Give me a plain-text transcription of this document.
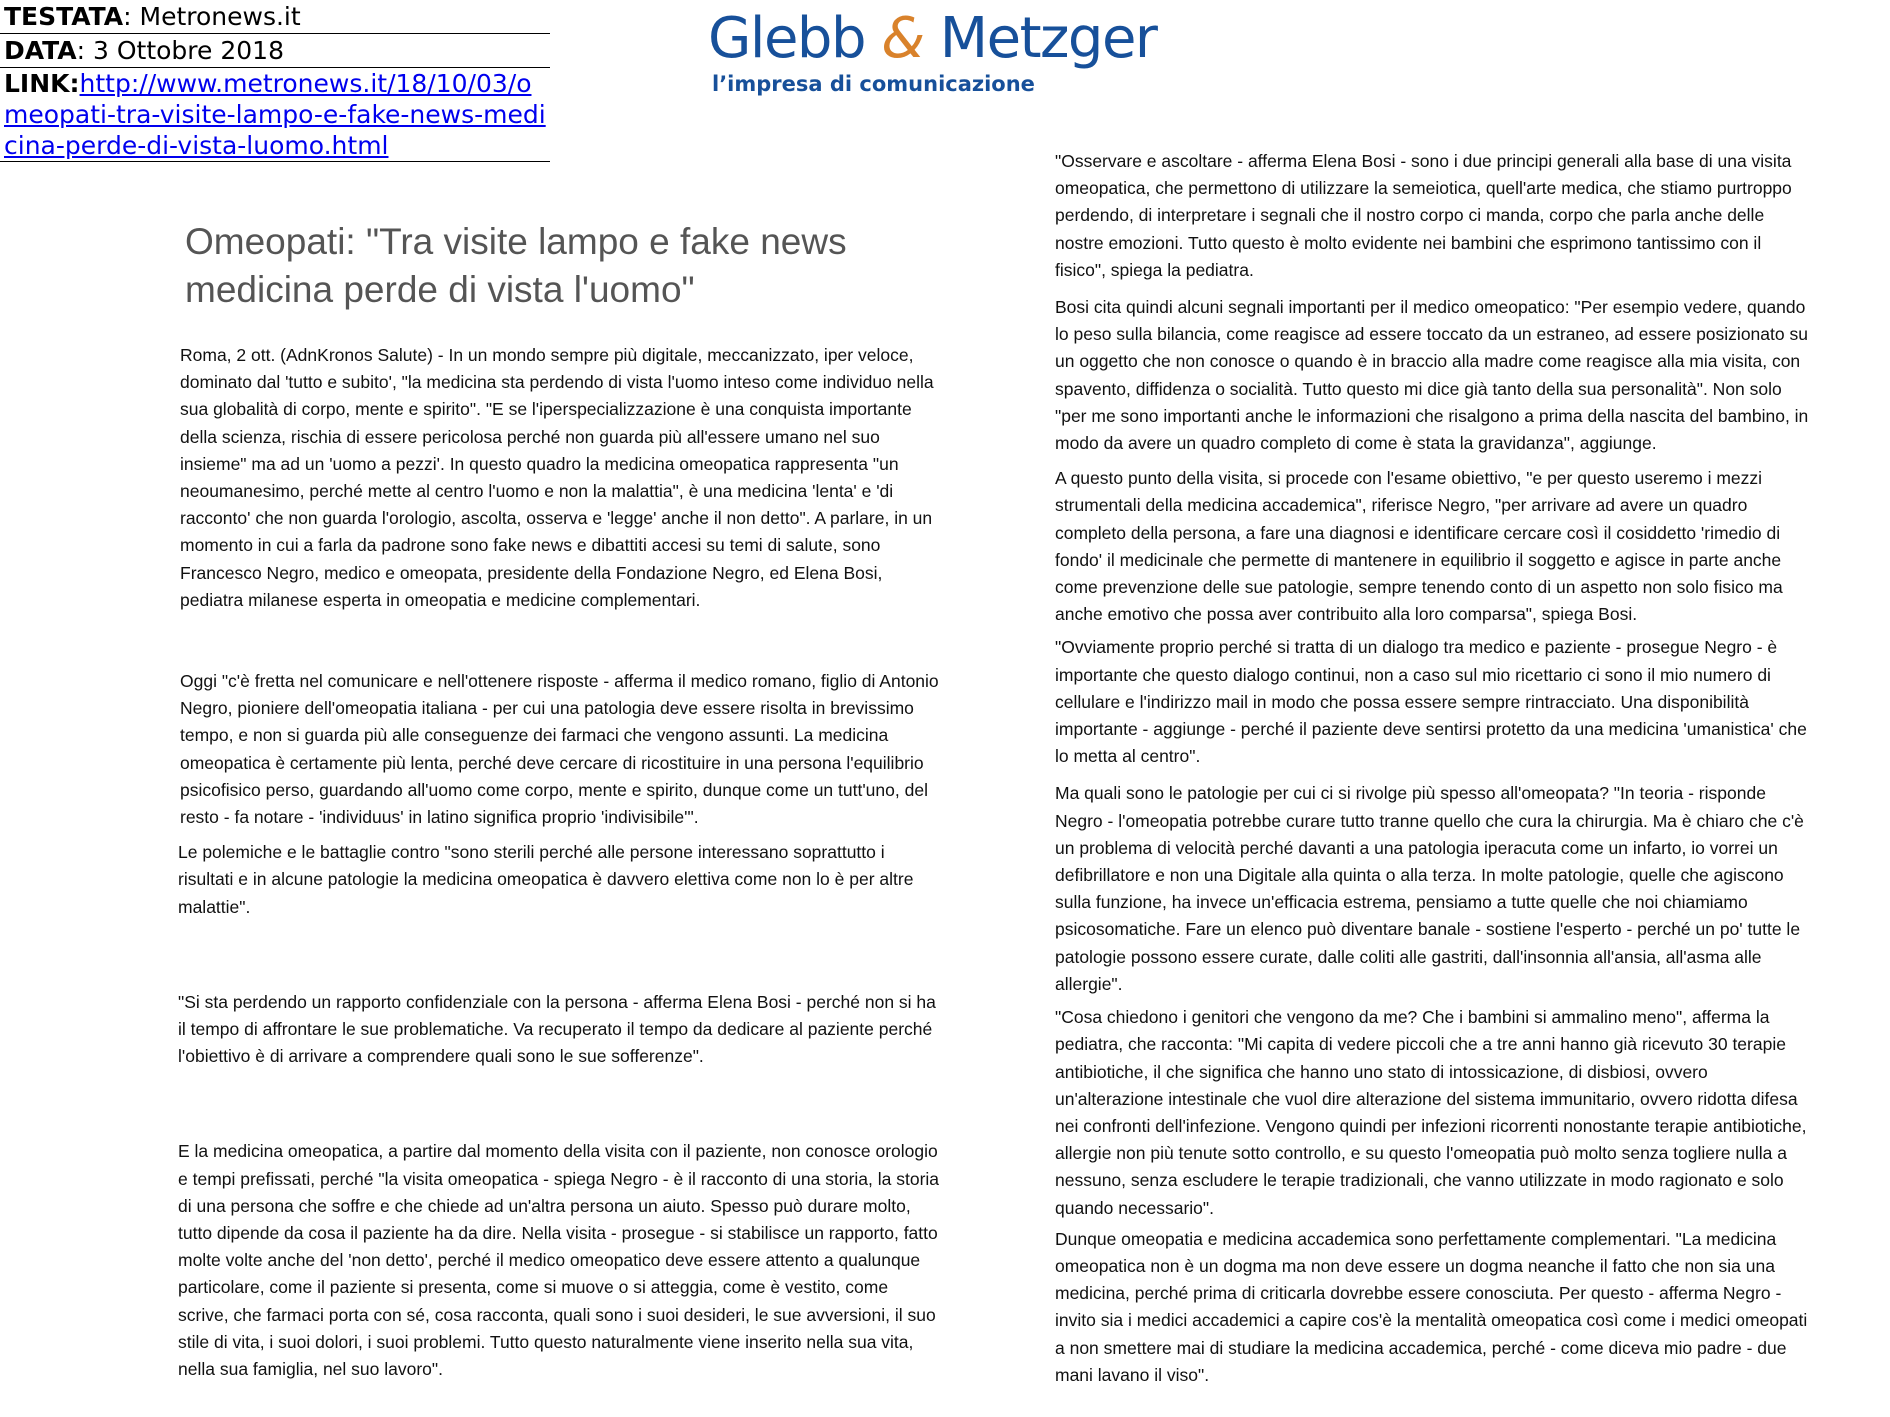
TESTATA: Metronews.it
DATA: 3 Ottobre 2018
LINK:http://www.metronews.it/18/10/03/omeopati-tra-visite-lampo-e-fake-news-medicina-perde-di-vista-luomo.html
Glebb & Metzger
l’impresa di comunicazione
Omeopati: "Tra visite lampo e fake news medicina perde di vista l'uomo"

Roma, 2 ott. (AdnKronos Salute) - In un mondo sempre più digitale, meccanizzato, iper veloce, dominato dal 'tutto e subito', "la medicina sta perdendo di vista l'uomo inteso come individuo nella sua globalità di corpo, mente e spirito". "E se l'iperspecializzazione è una conquista importante della scienza, rischia di essere pericolosa perché non guarda più all'essere umano nel suo insieme" ma ad un 'uomo a pezzi'. In questo quadro la medicina omeopatica rappresenta "un neoumanesimo, perché mette al centro l'uomo e non la malattia", è una medicina 'lenta' e 'di racconto' che non guarda l'orologio, ascolta, osserva e 'legge' anche il non detto". A parlare, in un momento in cui a farla da padrone sono fake news e dibattiti accesi su temi di salute, sono Francesco Negro, medico e omeopata, presidente della Fondazione Negro, ed Elena Bosi, pediatra milanese esperta in omeopatia e medicine complementari.

Oggi "c'è fretta nel comunicare e nell'ottenere risposte - afferma il medico romano, figlio di Antonio Negro, pioniere dell'omeopatia italiana - per cui una patologia deve essere risolta in brevissimo tempo, e non si guarda più alle conseguenze dei farmaci che vengono assunti. La medicina omeopatica è certamente più lenta, perché deve cercare di ricostituire in una persona l'equilibrio psicofisico perso, guardando all'uomo come corpo, mente e spirito, dunque come un tutt'uno, del resto - fa notare - 'individuus' in latino significa proprio 'indivisibile'".

Le polemiche e le battaglie contro "sono sterili perché alle persone interessano soprattutto i risultati e in alcune patologie la medicina omeopatica è davvero elettiva come non lo è per altre malattie".

"Si sta perdendo un rapporto confidenziale con la persona - afferma Elena Bosi - perché non si ha il tempo di affrontare le sue problematiche. Va recuperato il tempo da dedicare al paziente perché l'obiettivo è di arrivare a comprendere quali sono le sue sofferenze".

E la medicina omeopatica, a partire dal momento della visita con il paziente, non conosce orologio e tempi prefissati, perché "la visita omeopatica - spiega Negro - è il racconto di una storia, la storia di una persona che soffre e che chiede ad un'altra persona un aiuto. Spesso può durare molto, tutto dipende da cosa il paziente ha da dire. Nella visita - prosegue - si stabilisce un rapporto, fatto molte volte anche del 'non detto', perché il medico omeopatico deve essere attento a qualunque particolare, come il paziente si presenta, come si muove o si atteggia, come è vestito, come scrive, che farmaci porta con sé, cosa racconta, quali sono i suoi desideri, le sue avversioni, il suo stile di vita, i suoi dolori, i suoi problemi. Tutto questo naturalmente viene inserito nella sua vita, nella sua famiglia, nel suo lavoro".

"Osservare e ascoltare - afferma Elena Bosi - sono i due principi generali alla base di una visita omeopatica, che permettono di utilizzare la semeiotica, quell'arte medica, che stiamo purtroppo perdendo, di interpretare i segnali che il nostro corpo ci manda, corpo che parla anche delle nostre emozioni. Tutto questo è molto evidente nei bambini che esprimono tantissimo con il fisico", spiega la pediatra.

Bosi cita quindi alcuni segnali importanti per il medico omeopatico: "Per esempio vedere, quando lo peso sulla bilancia, come reagisce ad essere toccato da un estraneo, ad essere posizionato su un oggetto che non conosce o quando è in braccio alla madre come reagisce alla mia visita, con spavento, diffidenza o socialità. Tutto questo mi dice già tanto della sua personalità". Non solo "per me sono importanti anche le informazioni che risalgono a prima della nascita del bambino, in modo da avere un quadro completo di come è stata la gravidanza", aggiunge.

A questo punto della visita, si procede con l'esame obiettivo, "e per questo useremo i mezzi strumentali della medicina accademica", riferisce Negro, "per arrivare ad avere un quadro completo della persona, a fare una diagnosi e identificare cercare così il cosiddetto 'rimedio di fondo' il medicinale che permette di mantenere in equilibrio il soggetto e agisce in parte anche come prevenzione delle sue patologie, sempre tenendo conto di un aspetto non solo fisico ma anche emotivo che possa aver contribuito alla loro comparsa", spiega Bosi.

"Ovviamente proprio perché si tratta di un dialogo tra medico e paziente - prosegue Negro - è importante che questo dialogo continui, non a caso sul mio ricettario ci sono il mio numero di cellulare e l'indirizzo mail in modo che possa essere sempre rintracciato. Una disponibilità importante - aggiunge - perché il paziente deve sentirsi protetto da una medicina 'umanistica' che lo metta al centro".

Ma quali sono le patologie per cui ci si rivolge più spesso all'omeopata? "In teoria - risponde Negro - l'omeopatia potrebbe curare tutto tranne quello che cura la chirurgia. Ma è chiaro che c'è un problema di velocità perché davanti a una patologia iperacuta come un infarto, io vorrei un defibrillatore e non una Digitale alla quinta o alla terza. In molte patologie, quelle che agiscono sulla funzione, ha invece un'efficacia estrema, pensiamo a tutte quelle che noi chiamiamo psicosomatiche. Fare un elenco può diventare banale - sostiene l'esperto - perché un po' tutte le patologie possono essere curate, dalle coliti alle gastriti, dall'insonnia all'ansia, all'asma alle allergie".

"Cosa chiedono i genitori che vengono da me? Che i bambini si ammalino meno", afferma la pediatra, che racconta: "Mi capita di vedere piccoli che a tre anni hanno già ricevuto 30 terapie antibiotiche, il che significa che hanno uno stato di intossicazione, di disbiosi, ovvero un'alterazione intestinale che vuol dire alterazione del sistema immunitario, ovvero ridotta difesa nei confronti dell'infezione. Vengono quindi per infezioni ricorrenti nonostante terapie antibiotiche, allergie non più tenute sotto controllo, e su questo l'omeopatia può molto senza togliere nulla a nessuno, senza escludere le terapie tradizionali, che vanno utilizzate in modo ragionato e solo quando necessario".

Dunque omeopatia e medicina accademica sono perfettamente complementari. "La medicina omeopatica non è un dogma ma non deve essere un dogma neanche il fatto che non sia una medicina, perché prima di criticarla dovrebbe essere conosciuta. Per questo - afferma Negro - invito sia i medici accademici a capire cos'è la mentalità omeopatica così come i medici omeopati a non smettere mai di studiare la medicina accademica, perché - come diceva mio padre - due mani lavano il viso".
